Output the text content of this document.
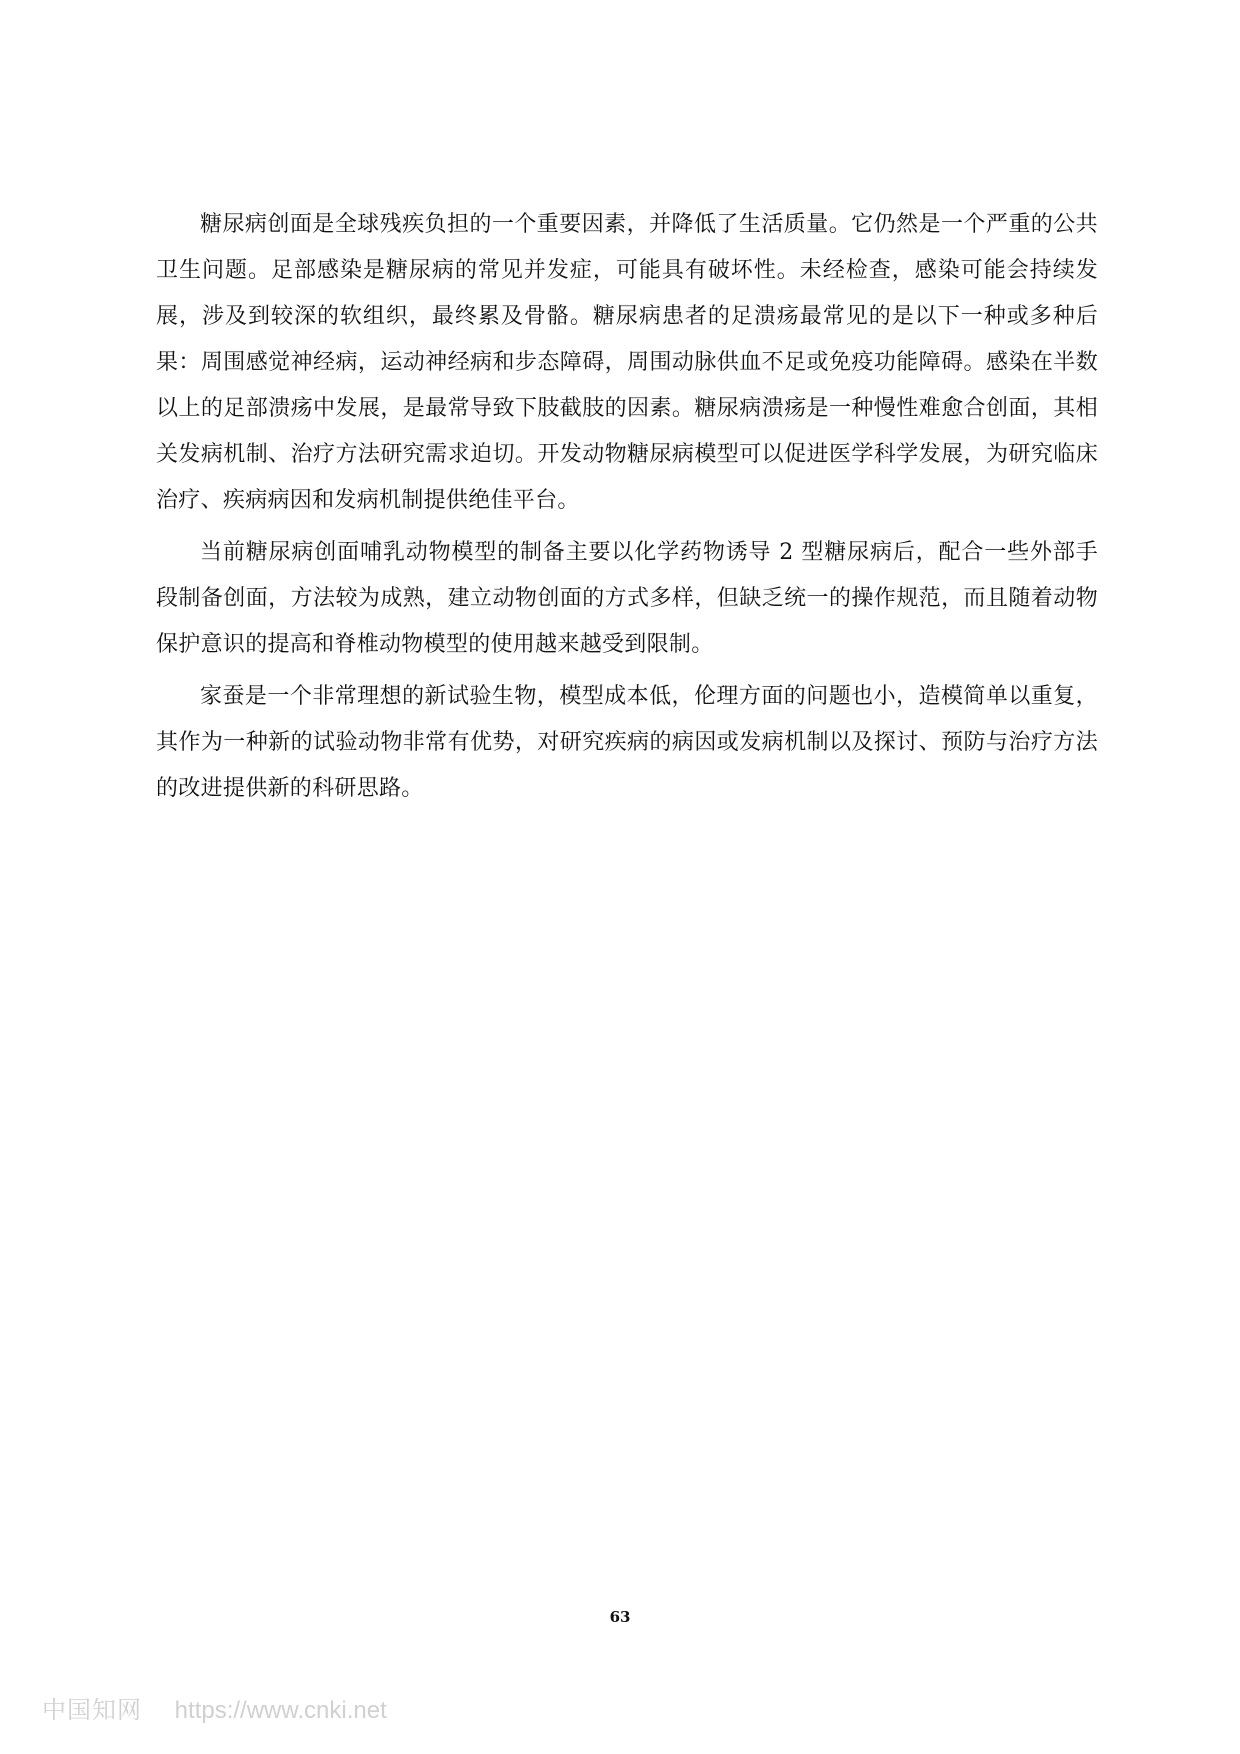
糖尿病创面是全球残疾负担的一个重要因素，并降低了生活质量。它仍然是一个严重的公共卫生问题。足部感染是糖尿病的常见并发症，可能具有破坏性。未经检查，感染可能会持续发展，涉及到较深的软组织，最终累及骨骼。糖尿病患者的足溃疡最常见的是以下一种或多种后果：周围感觉神经病，运动神经病和步态障碍，周围动脉供血不足或免疫功能障碍。感染在半数以上的足部溃疡中发展，是最常导致下肢截肢的因素。糖尿病溃疡是一种慢性难愈合创面，其相关发病机制、治疗方法研究需求迫切。开发动物糖尿病模型可以促进医学科学发展，为研究临床治疗、疾病病因和发病机制提供绝佳平台。

当前糖尿病创面哺乳动物模型的制备主要以化学药物诱导 2 型糖尿病后，配合一些外部手段制备创面，方法较为成熟，建立动物创面的方式多样，但缺乏统一的操作规范，而且随着动物保护意识的提高和脊椎动物模型的使用越来越受到限制。

家蚕是一个非常理想的新试验生物，模型成本低，伦理方面的问题也小，造模简单以重复，其作为一种新的试验动物非常有优势，对研究疾病的病因或发病机制以及探讨、预防与治疗方法的改进提供新的科研思路。

63
中国知网 https://www.cnki.net
